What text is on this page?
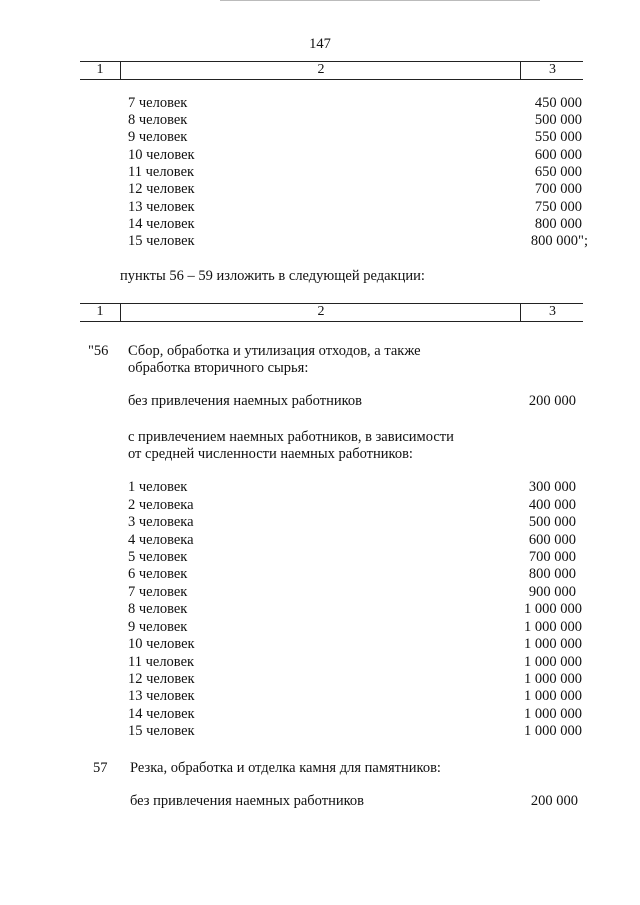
147
1	2	3
7 человек	450 000
8 человек	500 000
9 человек	550 000
10 человек	600 000
11 человек	650 000
12 человек	700 000
13 человек	750 000
14 человек	800 000
15 человек	800 000";
пункты 56 – 59 изложить в следующей редакции:
1	2	3
"56 Сбор, обработка и утилизация отходов, а также
обработка вторичного сырья:
без привлечения наемных работников	200 000
с привлечением наемных работников, в зависимости
от средней численности наемных работников:
1 человек	300 000
2 человека	400 000
3 человека	500 000
4 человека	600 000
5 человек	700 000
6 человек	800 000
7 человек	900 000
8 человек	1 000 000
9 человек	1 000 000
10 человек	1 000 000
11 человек	1 000 000
12 человек	1 000 000
13 человек	1 000 000
14 человек	1 000 000
15 человек	1 000 000
57 Резка, обработка и отделка камня для памятников:
без привлечения наемных работников	200 000
